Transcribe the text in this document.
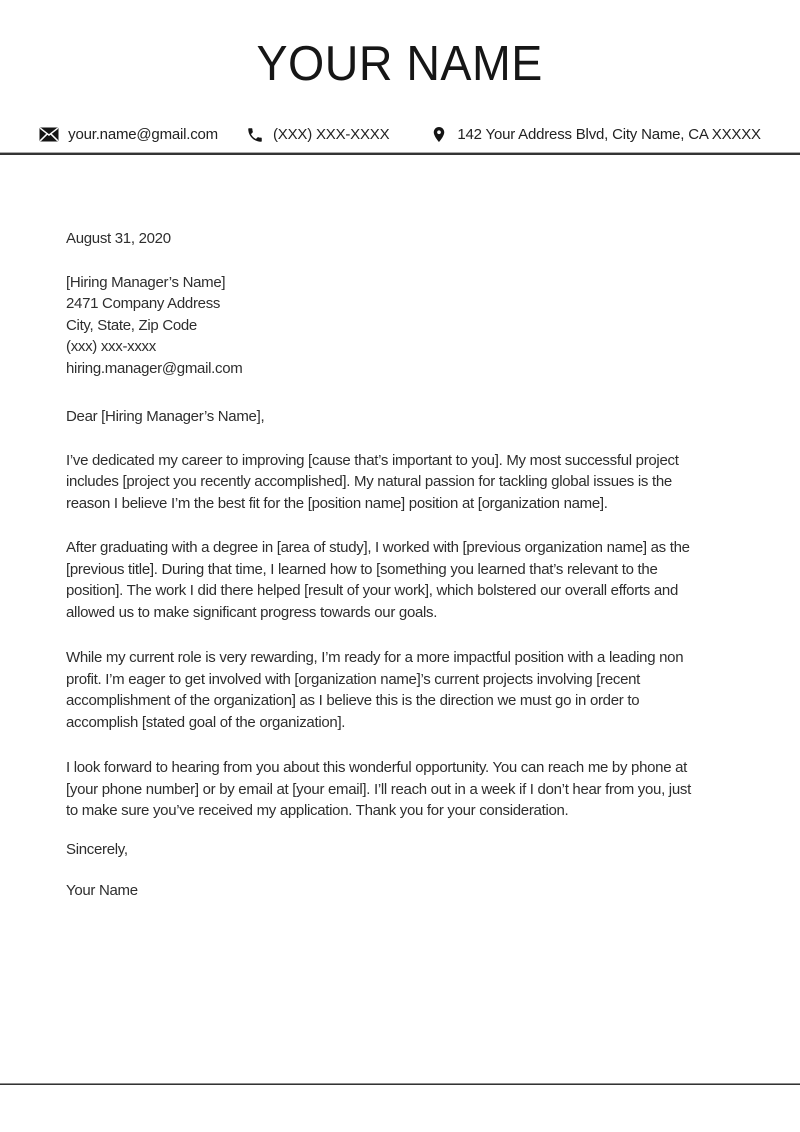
YOUR NAME
your.name@gmail.com	(XXX) XXX-XXXX	142 Your Address Blvd, City Name, CA XXXXX
August 31, 2020
[Hiring Manager’s Name]
2471 Company Address
City, State, Zip Code
(xxx) xxx-xxxx
hiring.manager@gmail.com
Dear [Hiring Manager’s Name],
I’ve dedicated my career to improving [cause that’s important to you]. My most successful project
includes [project you recently accomplished]. My natural passion for tackling global issues is the
reason I believe I’m the best fit for the [position name] position at [organization name].
After graduating with a degree in [area of study], I worked with [previous organization name] as the
[previous title]. During that time, I learned how to [something you learned that’s relevant to the
position]. The work I did there helped [result of your work], which bolstered our overall efforts and
allowed us to make significant progress towards our goals.
While my current role is very rewarding, I’m ready for a more impactful position with a leading non
profit. I’m eager to get involved with [organization name]’s current projects involving [recent
accomplishment of the organization] as I believe this is the direction we must go in order to
accomplish [stated goal of the organization].
I look forward to hearing from you about this wonderful opportunity. You can reach me by phone at
[your phone number] or by email at [your email]. I’ll reach out in a week if I don’t hear from you, just
to make sure you’ve received my application. Thank you for your consideration.
Sincerely,
Your Name
